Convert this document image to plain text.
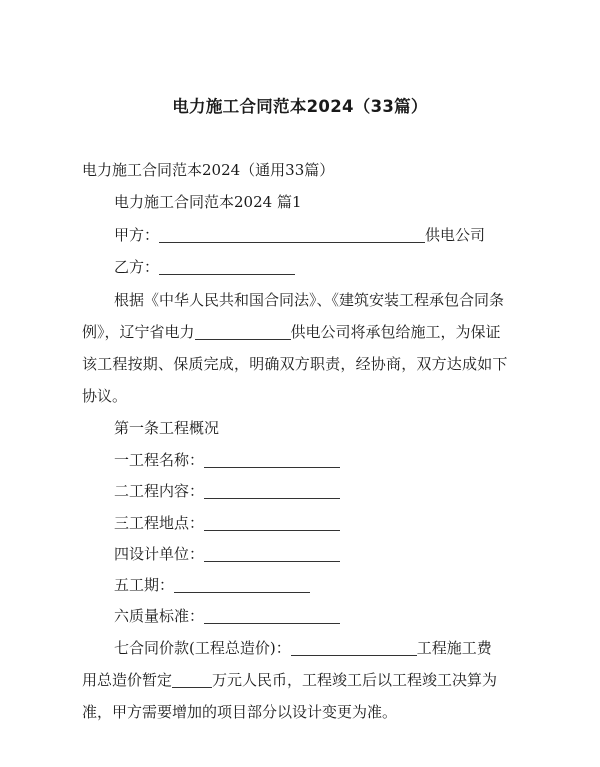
电力施工合同范本2024（33篇）
电力施工合同范本2024（通用33篇）
电力施工合同范本2024 篇1
甲方：	供电公司
乙方：
根据《中华人民共和国合同法》、《建筑安装工程承包合同条
例》，辽宁省电力	供电公司将承包给施工，为保证
该工程按期、保质完成，明确双方职责，经协商，双方达成如下
协议。
第一条工程概况
一工程名称：
二工程内容：
三工程地点：
四设计单位：
五工期：
六质量标准：
七合同价款(工程总造价)：	工程施工费
用总造价暂定	万元人民币，工程竣工后以工程竣工决算为
准，甲方需要增加的项目部分以设计变更为准。
